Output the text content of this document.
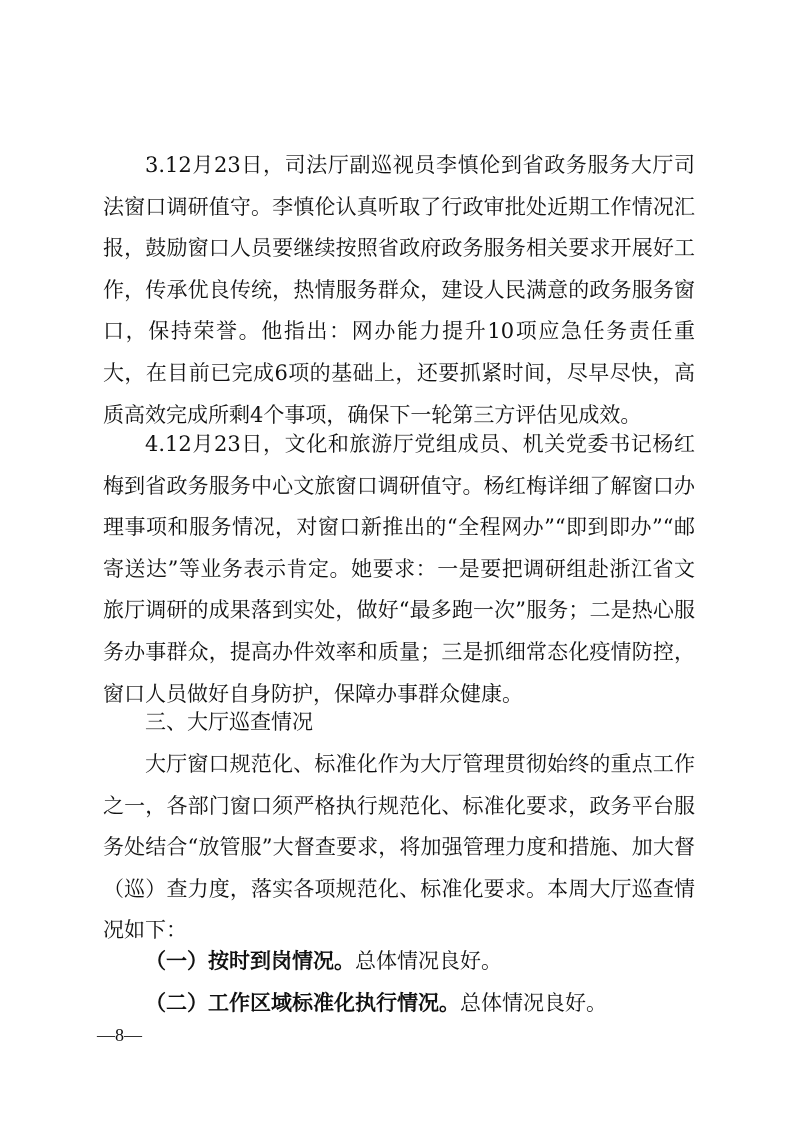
3.12月23日，司法厅副巡视员李慎伦到省政务服务大厅司法窗口调研值守。李慎伦认真听取了行政审批处近期工作情况汇报，鼓励窗口人员要继续按照省政府政务服务相关要求开展好工作，传承优良传统，热情服务群众，建设人民满意的政务服务窗口，保持荣誉。他指出：网办能力提升10项应急任务责任重大，在目前已完成6项的基础上，还要抓紧时间，尽早尽快，高质高效完成所剩4个事项，确保下一轮第三方评估见成效。

4.12月23日，文化和旅游厅党组成员、机关党委书记杨红梅到省政务服务中心文旅窗口调研值守。杨红梅详细了解窗口办理事项和服务情况，对窗口新推出的“全程网办”“即到即办”“邮寄送达”等业务表示肯定。她要求：一是要把调研组赴浙江省文旅厅调研的成果落到实处，做好“最多跑一次”服务；二是热心服务办事群众，提高办件效率和质量；三是抓细常态化疫情防控，窗口人员做好自身防护，保障办事群众健康。

三、大厅巡查情况

大厅窗口规范化、标准化作为大厅管理贯彻始终的重点工作之一，各部门窗口须严格执行规范化、标准化要求，政务平台服务处结合“放管服”大督查要求，将加强管理力度和措施、加大督（巡）查力度，落实各项规范化、标准化要求。本周大厅巡查情况如下：

（一）按时到岗情况。总体情况良好。

（二）工作区域标准化执行情况。总体情况良好。

—8—
